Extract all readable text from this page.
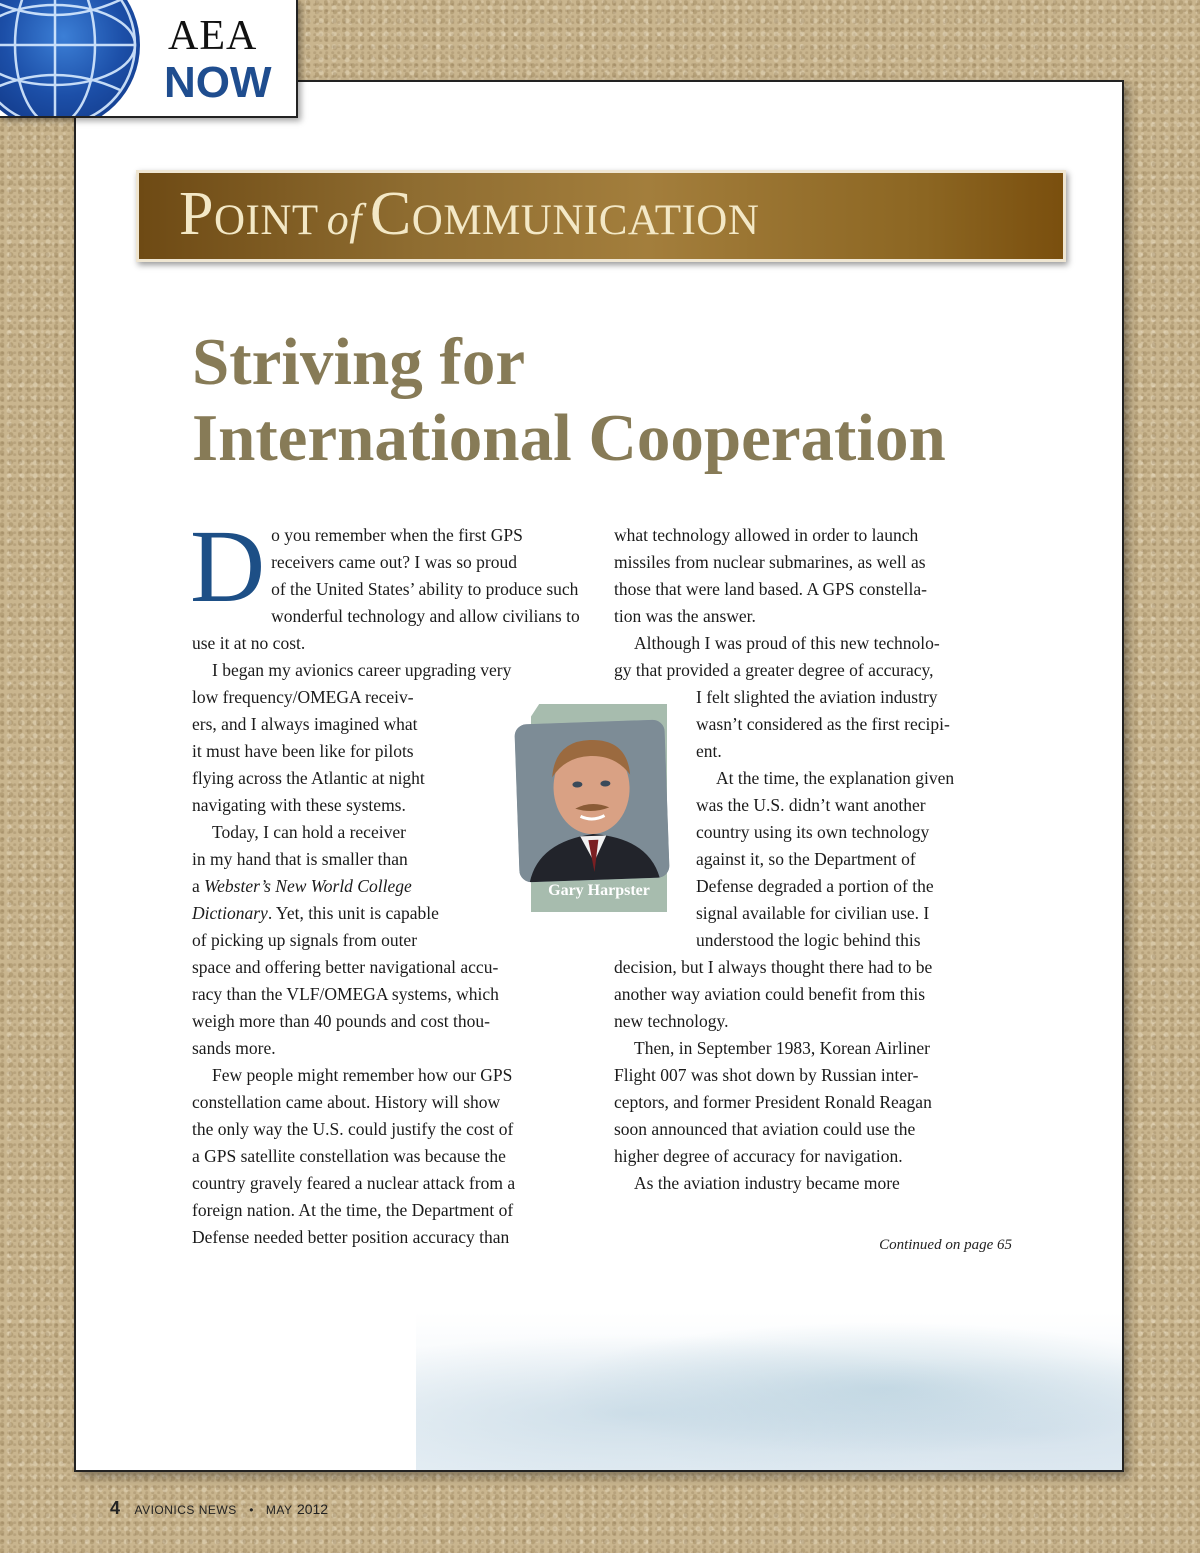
AEA
NOW
Point of Communication
Striving for
International Cooperation

D o you remember when the first GPS
receivers came out? I was so proud
of the United States’ ability to produce such
wonderful technology and allow civilians to
use it at no cost.

I began my avionics career upgrading very
low frequency/OMEGA receiv-
ers, and I always imagined what
it must have been like for pilots
flying across the Atlantic at night
navigating with these systems.

Today, I can hold a receiver
in my hand that is smaller than
a Webster’s New World College
Dictionary. Yet, this unit is capable
of picking up signals from outer
space and offering better navigational accu-
racy than the VLF/OMEGA systems, which
weigh more than 40 pounds and cost thou-
sands more.

Few people might remember how our GPS
constellation came about. History will show
the only way the U.S. could justify the cost of
a GPS satellite constellation was because the
country gravely feared a nuclear attack from a
foreign nation. At the time, the Department of
Defense needed better position accuracy than

what technology allowed in order to launch
missiles from nuclear submarines, as well as
those that were land based. A GPS constella-
tion was the answer.

Although I was proud of this new technolo-
gy that provided a greater degree of accuracy,
I felt slighted the aviation industry
wasn’t considered as the first recipi-
ent.

At the time, the explanation given
was the U.S. didn’t want another
country using its own technology
against it, so the Department of
Defense degraded a portion of the
signal available for civilian use. I
understood the logic behind this
decision, but I always thought there had to be
another way aviation could benefit from this
new technology.

Then, in September 1983, Korean Airliner
Flight 007 was shot down by Russian inter-
ceptors, and former President Ronald Reagan
soon announced that aviation could use the
higher degree of accuracy for navigation.

As the aviation industry became more

Gary Harpster
Continued on page 65
4 AVIONICS NEWS • MAY 2012
